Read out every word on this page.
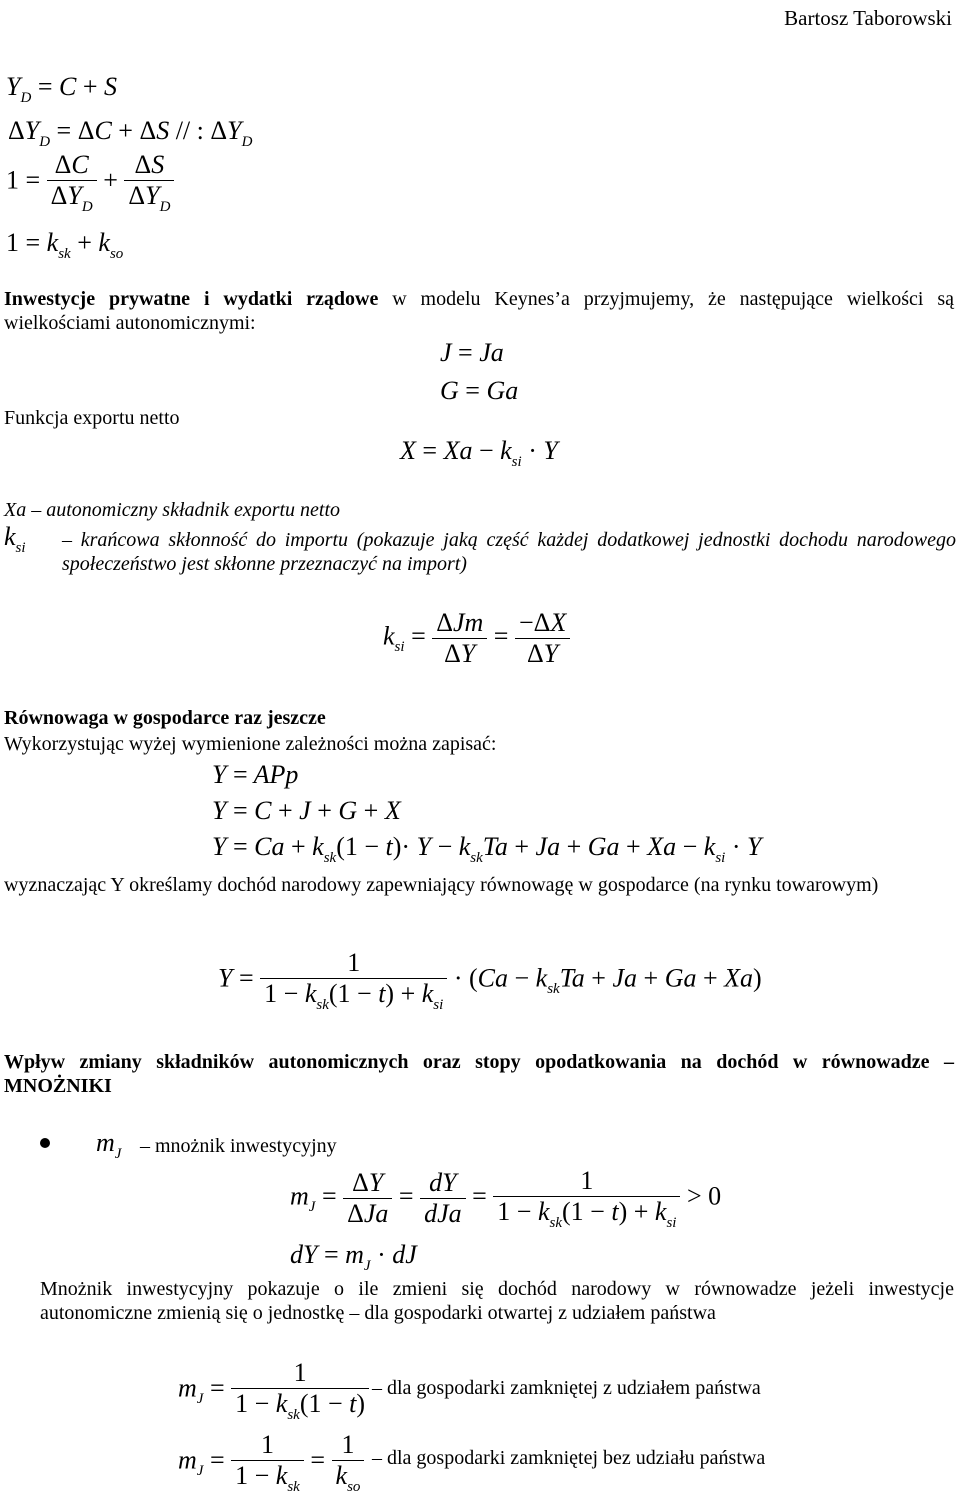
Bartosz Taborowski
$Y_D = C + S$
$\Delta Y_D = \Delta C + \Delta S$ // : $\Delta Y_D$
$1 = \frac{\Delta C}{\Delta Y_D} + \frac{\Delta S}{\Delta Y_D}$
$1 = k_{sk} + k_{so}$
Inwestycje prywatne i wydatki rządowe w modelu Keynes’a przyjmujemy, że następujące wielkości są wielkościami autonomicznymi:
J = Ja
G = Ga
Funkcja exportu netto
$X = Xa - k_{si} \cdot Y$
Xa – autonomiczny składnik exportu netto
$k_{si}$ – krańcowa skłonność do importu (pokazuje jaką część każdej dodatkowej jednostki dochodu narodowego społeczeństwo jest skłonne przeznaczyć na import)
$k_{si} = \frac{\text{ΔJm}}{\Delta Y} = \frac{-\Delta X}{\Delta Y}$
Równowaga w gospodarce raz jeszcze
Wykorzystując wyżej wymienione zależności można zapisać:
Y = APp
Y = C + J + G + X
$Y = Ca + k_{sk}(1 - t)\cdot Y - k_{sk}Ta + Ja + Ga + Xa - k_{si} \cdot Y$
wyznaczając Y określamy dochód narodowy zapewniający równowagę w gospodarce (na rynku towarowym)
$Y = \frac{1}{1 - k_{sk}(1 - t) + k_{si}} \cdot (Ca - k_{sk}Ta + Ja + Ga + Xa)$
Wpływ zmiany składników autonomicznych oraz stopy opodatkowania na dochód w równowadze – MNOŻNIKI
$m_J$ – mnożnik inwestycyjny
$m_J = \frac{\Delta Y}{\text{ΔJa}} = \frac{dY}{\text{dJa}} = \frac{1}{1 - k_{sk}(1 - t) + k_{si}} > 0$
dY = $m_J$ · dJ
Mnożnik inwestycyjny pokazuje o ile zmieni się dochód narodowy w równowadze jeżeli inwestycje autonomiczne zmienią się o jednostkę – dla gospodarki otwartej z udziałem państwa
$m_J = \frac{1}{1 - k_{sk}(1 - t)}$ – dla gospodarki zamkniętej z udziałem państwa
$m_J = \frac{1}{1 - k_{sk}} = \frac{1}{k_{so}}$ – dla gospodarki zamkniętej bez udziału państwa
